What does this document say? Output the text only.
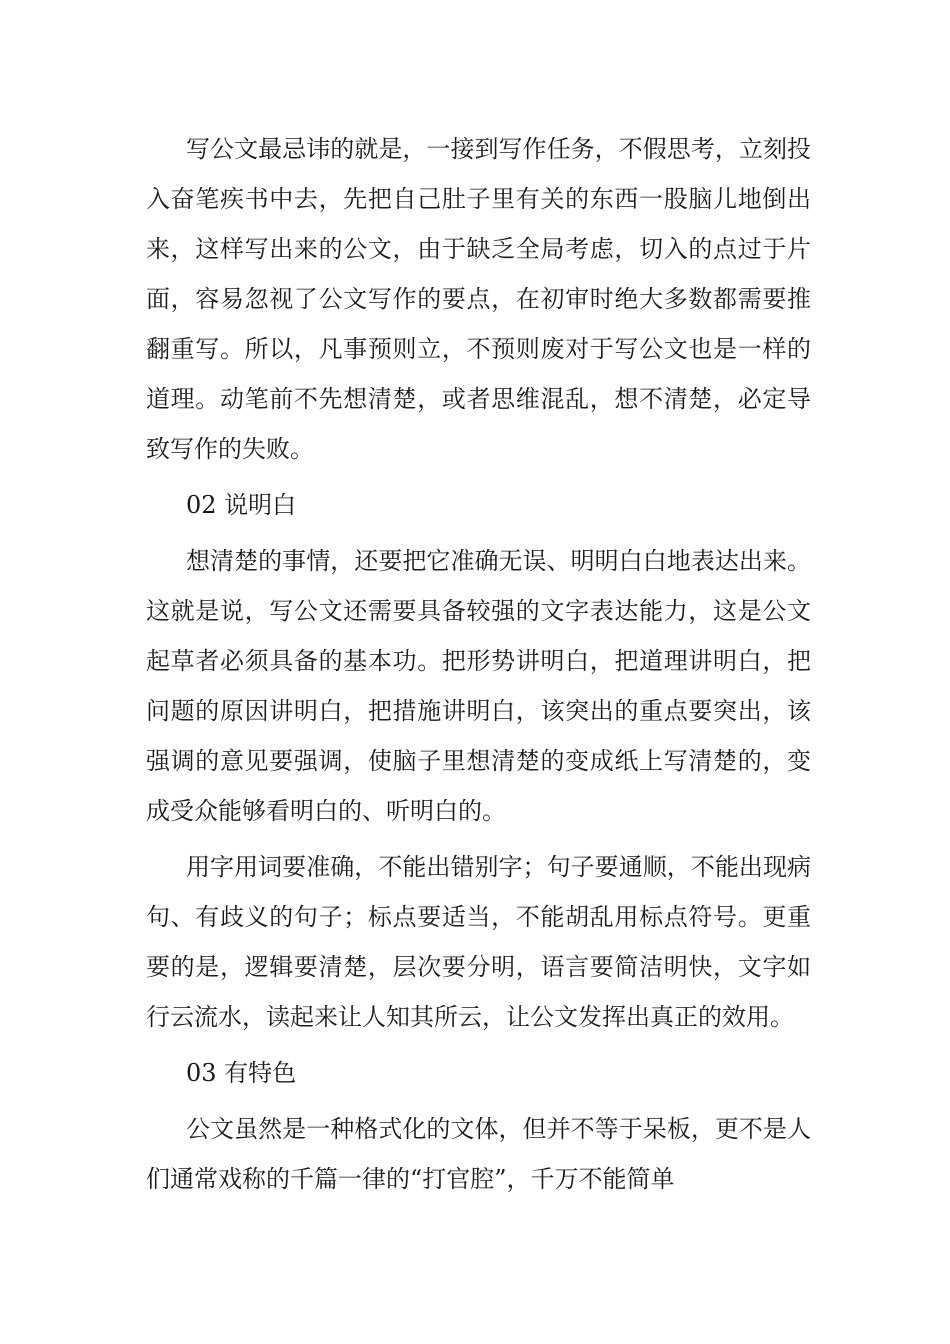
写公文最忌讳的就是，一接到写作任务，不假思考，立刻投入奋笔疾书中去，先把自己肚子里有关的东西一股脑儿地倒出来，这样写出来的公文，由于缺乏全局考虑，切入的点过于片面，容易忽视了公文写作的要点，在初审时绝大多数都需要推翻重写。所以，凡事预则立，不预则废对于写公文也是一样的道理。动笔前不先想清楚，或者思维混乱，想不清楚，必定导致写作的失败。

02 说明白

想清楚的事情，还要把它准确无误、明明白白地表达出来。这就是说，写公文还需要具备较强的文字表达能力，这是公文起草者必须具备的基本功。把形势讲明白，把道理讲明白，把问题的原因讲明白，把措施讲明白，该突出的重点要突出，该强调的意见要强调，使脑子里想清楚的变成纸上写清楚的，变成受众能够看明白的、听明白的。

用字用词要准确，不能出错别字；句子要通顺，不能出现病句、有歧义的句子；标点要适当，不能胡乱用标点符号。更重要的是，逻辑要清楚，层次要分明，语言要简洁明快，文字如行云流水，读起来让人知其所云，让公文发挥出真正的效用。

03 有特色

公文虽然是一种格式化的文体，但并不等于呆板，更不是人们通常戏称的千篇一律的“打官腔”，千万不能简单
